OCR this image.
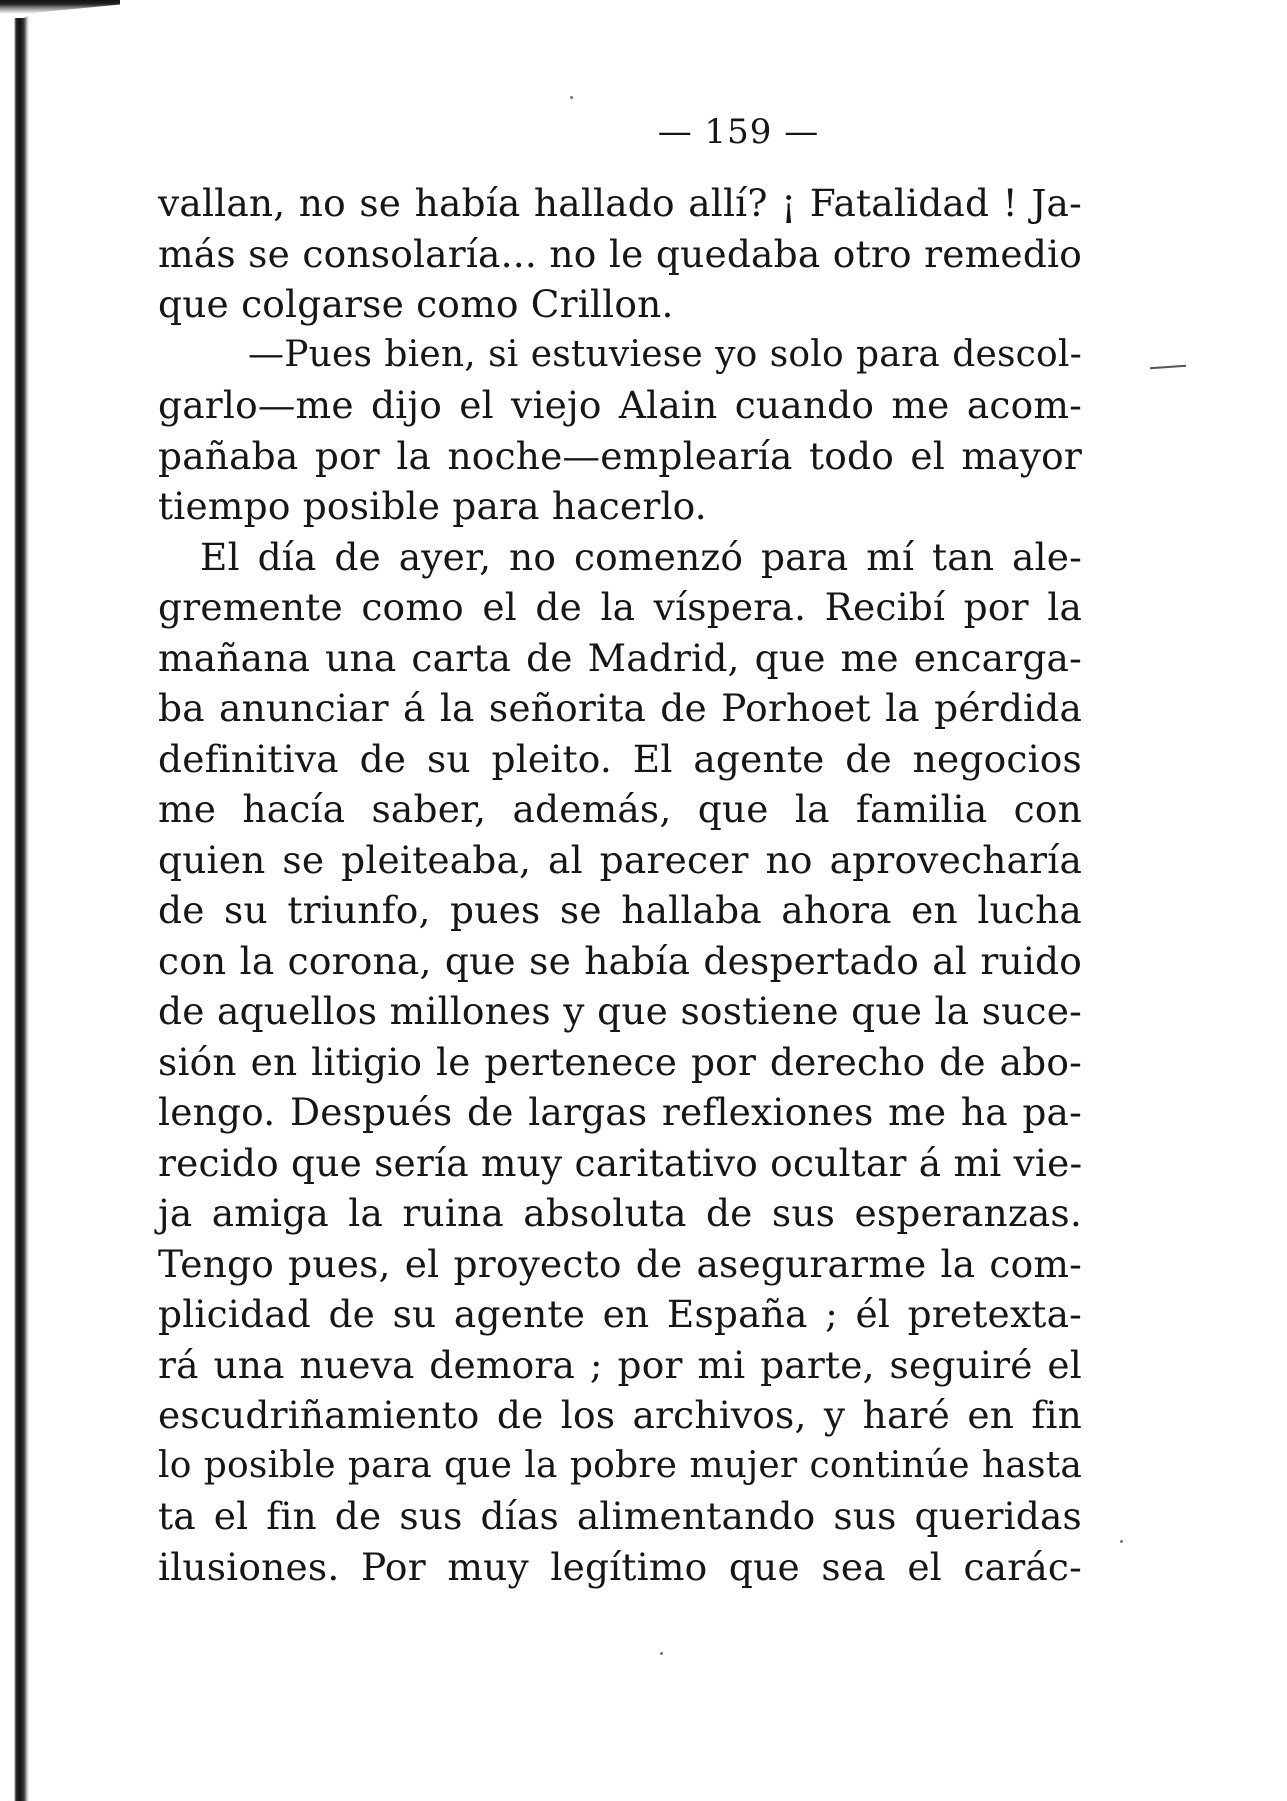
— 159 —
vallan, no se había hallado allí? ¡ Fatalidad ! Ja-
más se consolaría... no le quedaba otro remedio
que colgarse como Crillon.
—Pues bien, si estuviese yo solo para descol-
garlo—me dijo el viejo Alain cuando me acom-
pañaba por la noche—emplearía todo el mayor
tiempo posible para hacerlo.
El día de ayer, no comenzó para mí tan ale-
gremente como el de la víspera. Recibí por la
mañana una carta de Madrid, que me encarga-
ba anunciar á la señorita de Porhoet la pérdida
definitiva de su pleito. El agente de negocios
me hacía saber, además, que la familia con
quien se pleiteaba, al parecer no aprovecharía
de su triunfo, pues se hallaba ahora en lucha
con la corona, que se había despertado al ruido
de aquellos millones y que sostiene que la suce-
sión en litigio le pertenece por derecho de abo-
lengo. Después de largas reflexiones me ha pa-
recido que sería muy caritativo ocultar á mi vie-
ja amiga la ruina absoluta de sus esperanzas.
Tengo pues, el proyecto de asegurarme la com-
plicidad de su agente en España ; él pretexta-
rá una nueva demora ; por mi parte, seguiré el
escudriñamiento de los archivos, y haré en fin
lo posible para que la pobre mujer continúe hasta
ta el fin de sus días alimentando sus queridas
ilusiones. Por muy legítimo que sea el carác-
